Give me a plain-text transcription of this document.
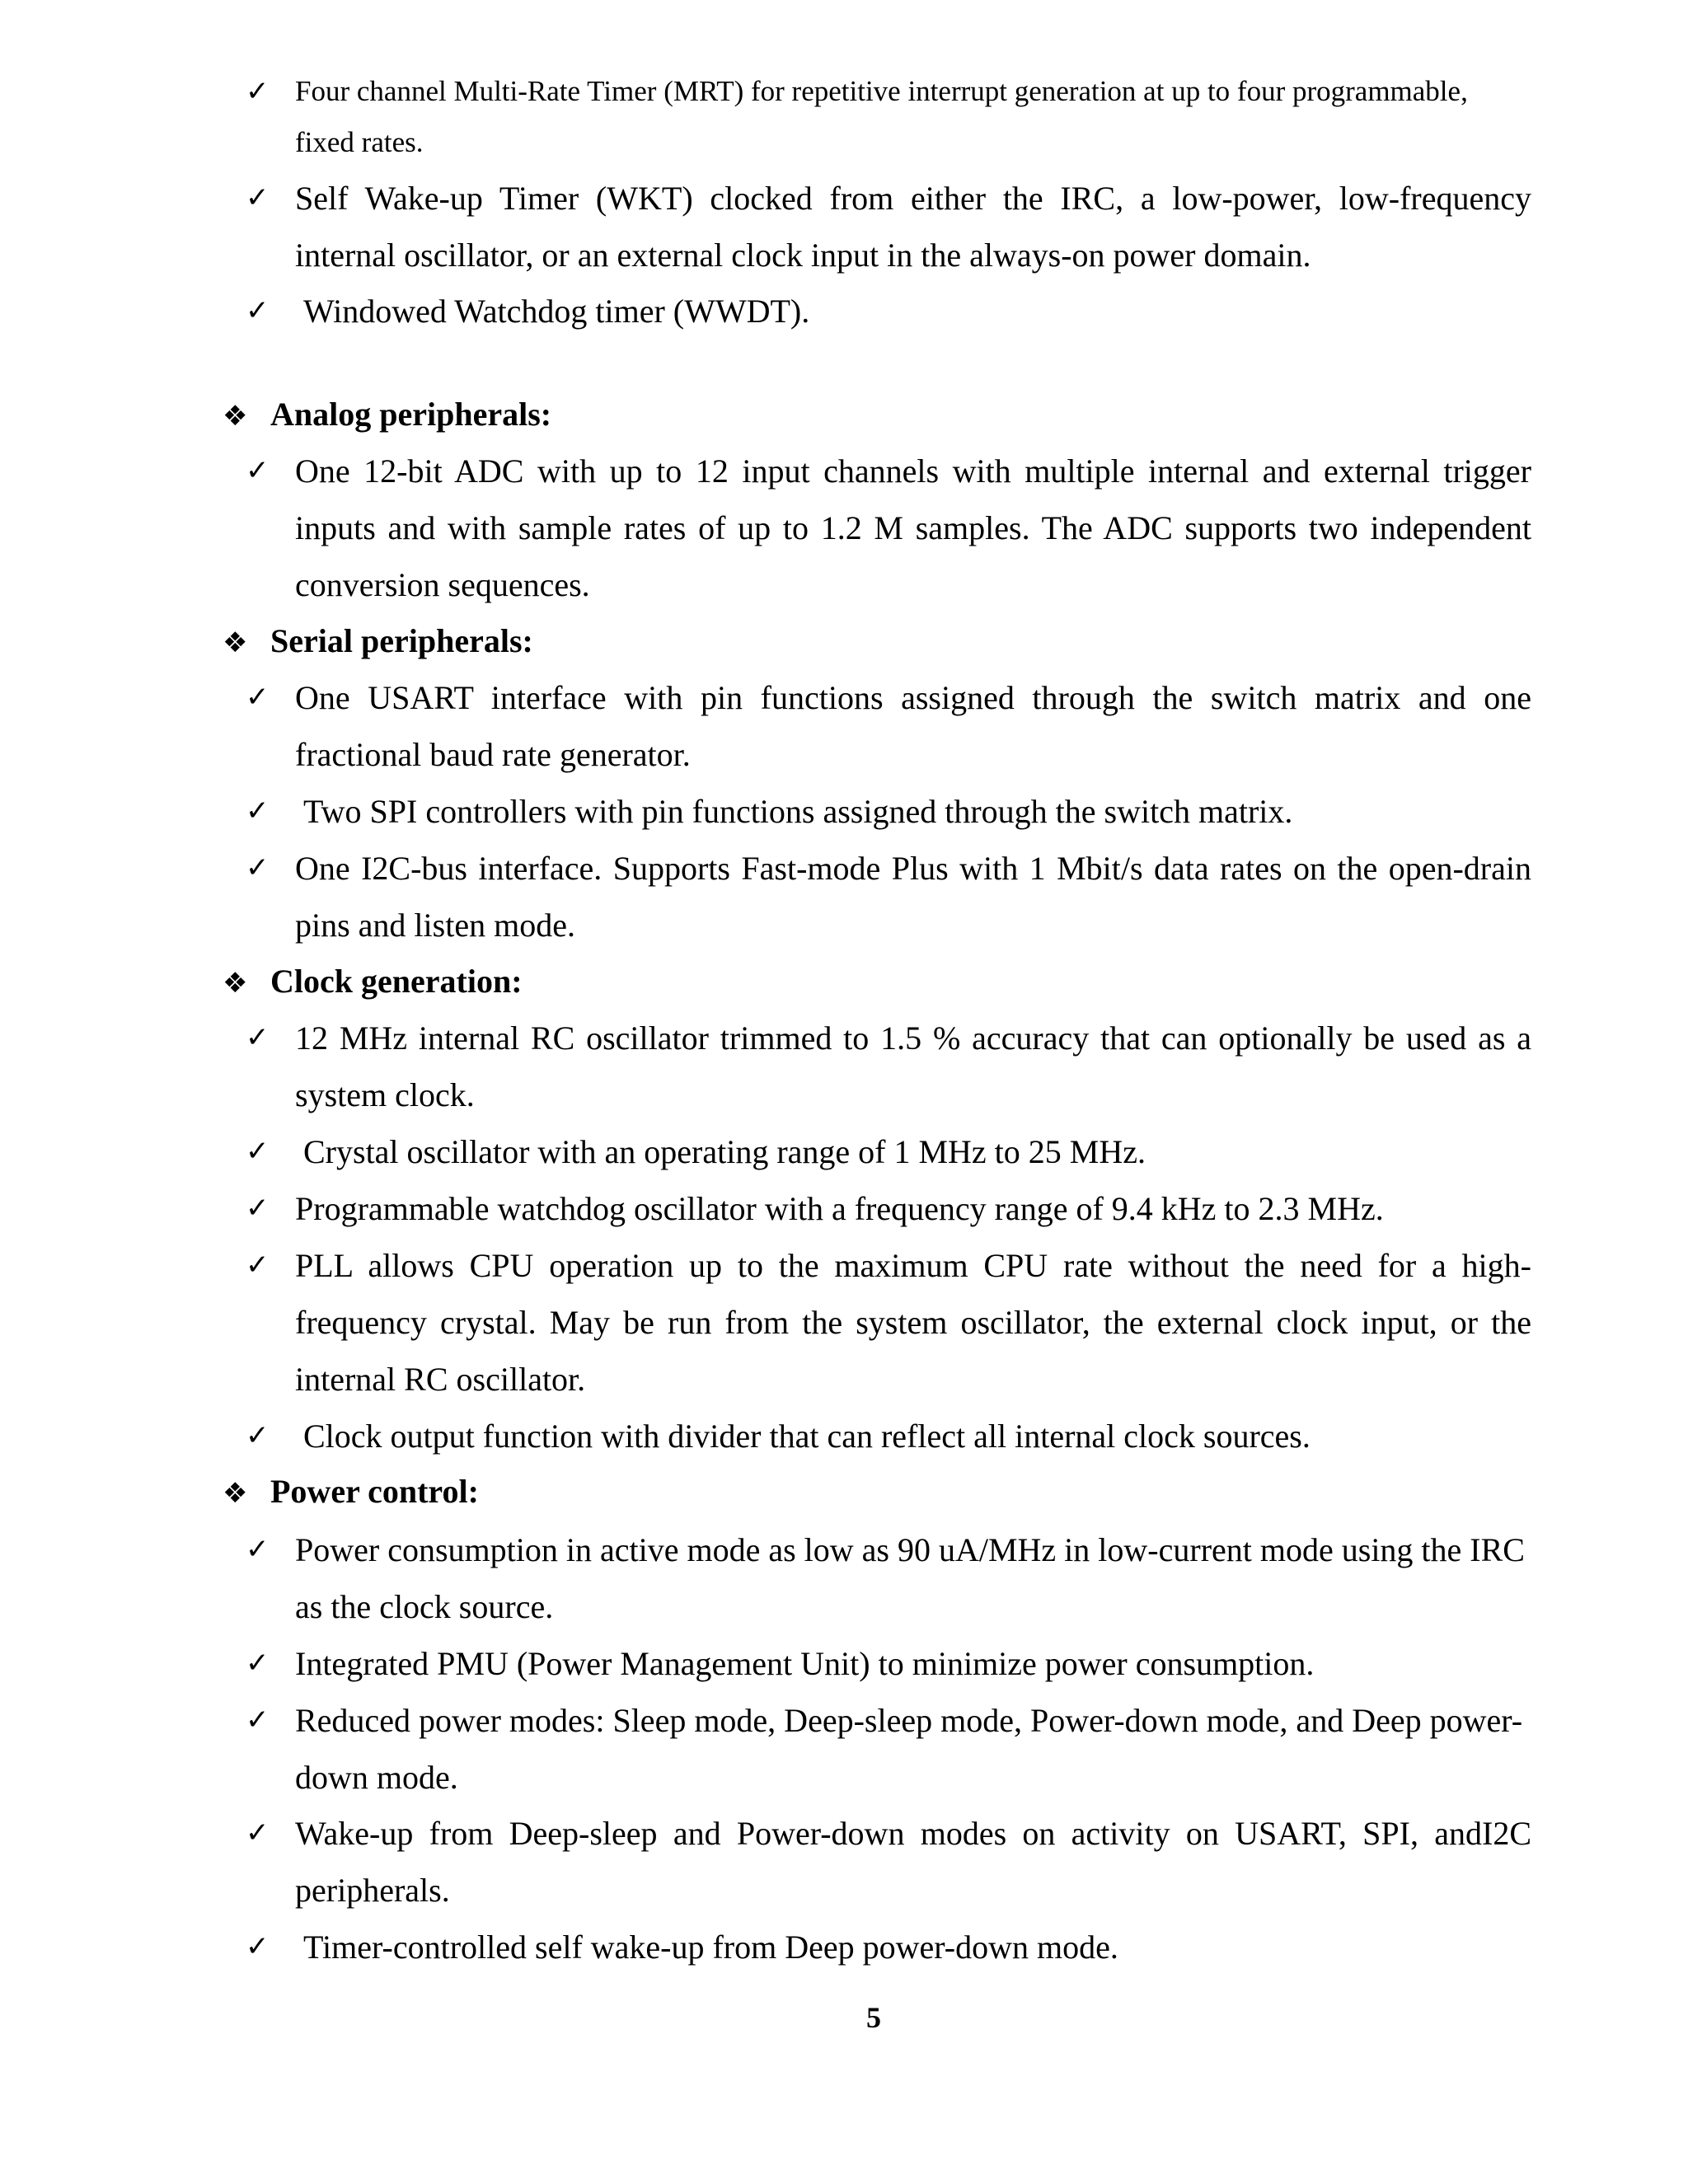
✓ Four channel Multi-Rate Timer (MRT) for repetitive interrupt generation at up to four programmable, fixed rates.
✓ Self Wake-up Timer (WKT) clocked from either the IRC, a low-power, low-frequency internal oscillator, or an external clock input in the always-on power domain.
✓	Windowed Watchdog timer (WWDT).
❖ Analog peripherals:
✓ One 12-bit ADC with up to 12 input channels with multiple internal and external trigger inputs and with sample rates of up to 1.2 M samples. The ADC supports two independent conversion sequences.
❖ Serial peripherals:
✓ One USART interface with pin functions assigned through the switch matrix and one fractional baud rate generator.
✓	Two SPI controllers with pin functions assigned through the switch matrix.
✓ One I2C-bus interface. Supports Fast-mode Plus with 1 Mbit/s data rates on the open-drain pins and listen mode.
❖ Clock generation:
✓ 12 MHz internal RC oscillator trimmed to 1.5 % accuracy that can optionally be used as a system clock.
✓	Crystal oscillator with an operating range of 1 MHz to 25 MHz.
✓ Programmable watchdog oscillator with a frequency range of 9.4 kHz to 2.3 MHz.
✓ PLL allows CPU operation up to the maximum CPU rate without the need for a high-frequency crystal. May be run from the system oscillator, the external clock input, or the internal RC oscillator.
✓	Clock output function with divider that can reflect all internal clock sources.
❖ Power control:
✓ Power consumption in active mode as low as 90 uA/MHz in low-current mode using the IRC as the clock source.
✓ Integrated PMU (Power Management Unit) to minimize power consumption.
✓ Reduced power modes: Sleep mode, Deep-sleep mode, Power-down mode, and Deep power-down mode.
✓ Wake-up from Deep-sleep and Power-down modes on activity on USART, SPI, andI2C peripherals.
✓	Timer-controlled self wake-up from Deep power-down mode.
5
